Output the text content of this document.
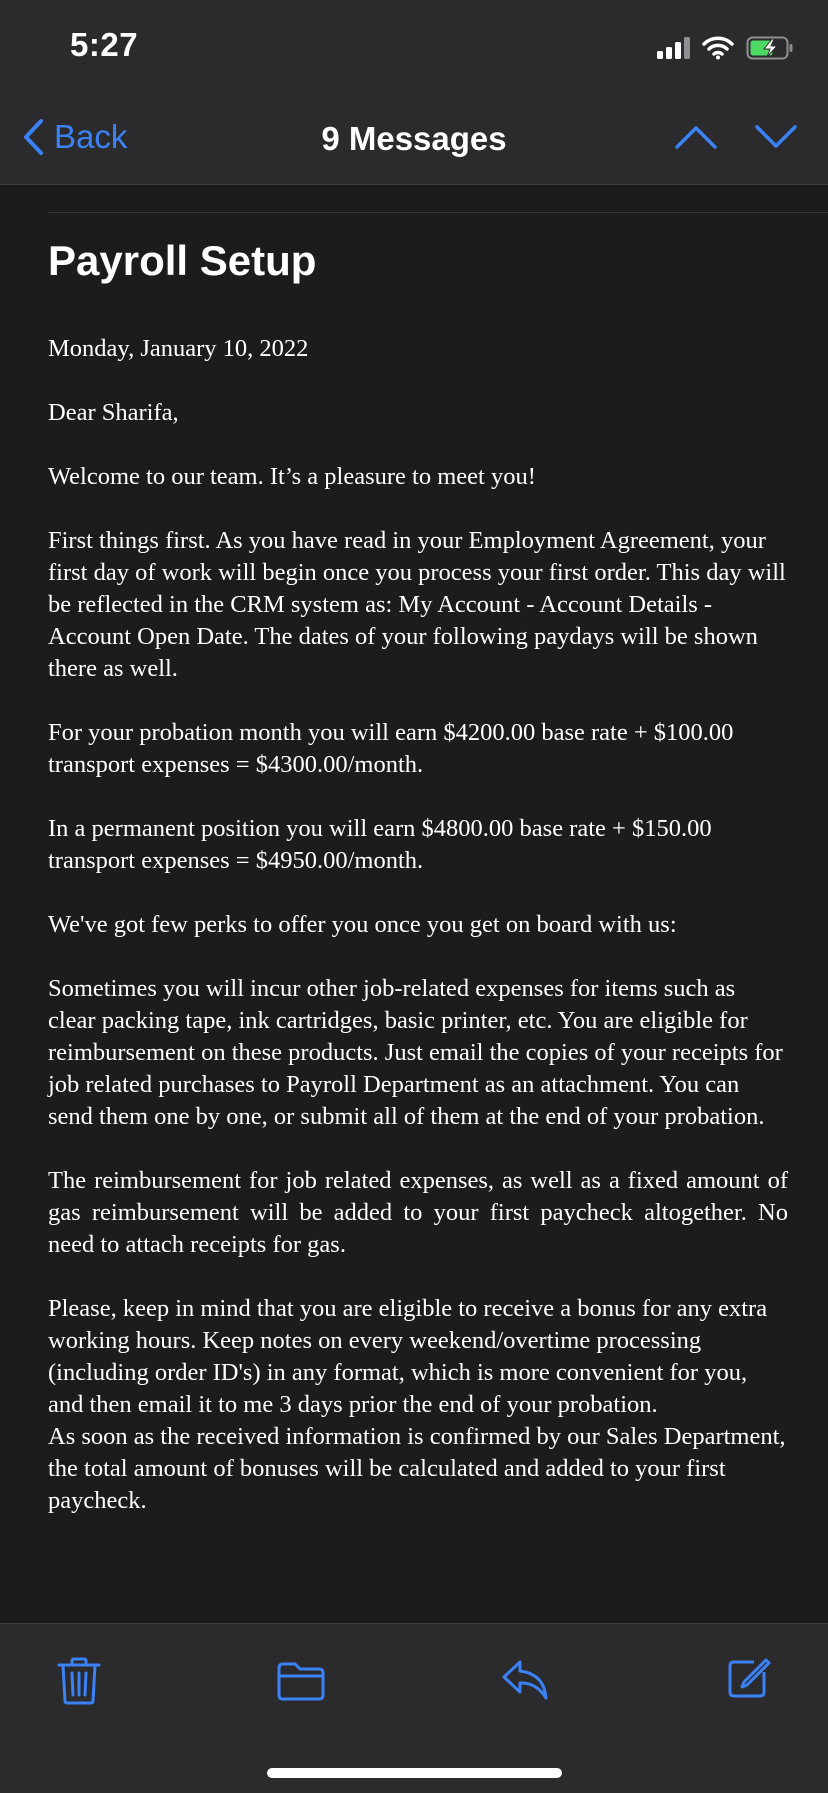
5:27
Back	9 Messages
Payroll Setup

Monday, January 10, 2022

Dear Sharifa,

Welcome to our team. It’s a pleasure to meet you!

First things first. As you have read in your Employment Agreement, your first day of work will begin once you process your first order. This day will be reflected in the CRM system as: My Account - Account Details - Account Open Date. The dates of your following paydays will be shown there as well.

For your probation month you will earn $4200.00 base rate + $100.00 transport expenses = $4300.00/month.

In a permanent position you will earn $4800.00 base rate + $150.00 transport expenses = $4950.00/month.

We've got few perks to offer you once you get on board with us:

Sometimes you will incur other job-related expenses for items such as clear packing tape, ink cartridges, basic printer, etc. You are eligible for reimbursement on these products. Just email the copies of your receipts for job related purchases to Payroll Department as an attachment. You can send them one by one, or submit all of them at the end of your probation.

The reimbursement for job related expenses, as well as a fixed amount of gas reimbursement will be added to your first paycheck altogether. No need to attach receipts for gas.

Please, keep in mind that you are eligible to receive a bonus for any extra working hours. Keep notes on every weekend/overtime processing (including order ID's) in any format, which is more convenient for you, and then email it to me 3 days prior the end of your probation.

As soon as the received information is confirmed by our Sales Department, the total amount of bonuses will be calculated and added to your first paycheck.
